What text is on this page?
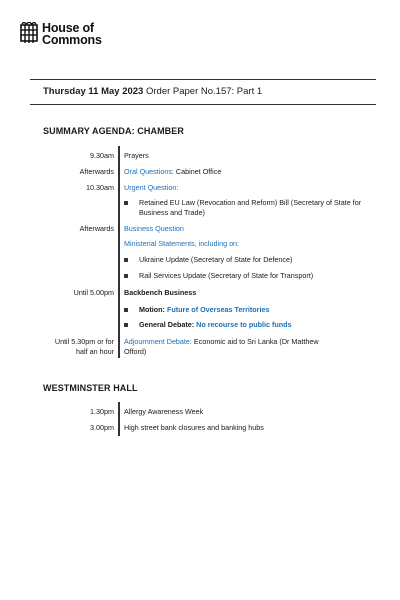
House of
Commons
Thursday 11 May 2023 Order Paper No.157: Part 1
SUMMARY AGENDA: CHAMBER
9.30am Prayers
Afterwards Oral Questions: Cabinet Office
10.30am Urgent Question:
Retained EU Law (Revocation and Reform) Bill (Secretary of State for Business and Trade)
Afterwards Business Question
Ministerial Statements, including on:
Ukraine Update (Secretary of State for Defence)
Rail Services Update (Secretary of State for Transport)
Until 5.00pm Backbench Business
Motion: Future of Overseas Territories
General Debate: No recourse to public funds
Until 5.30pm or for
half an hour
Adjournment Debate: Economic aid to Sri Lanka (Dr Matthew
Offord)
WESTMINSTER HALL
1.30pm Allergy Awareness Week
3.00pm High street bank closures and banking hubs
